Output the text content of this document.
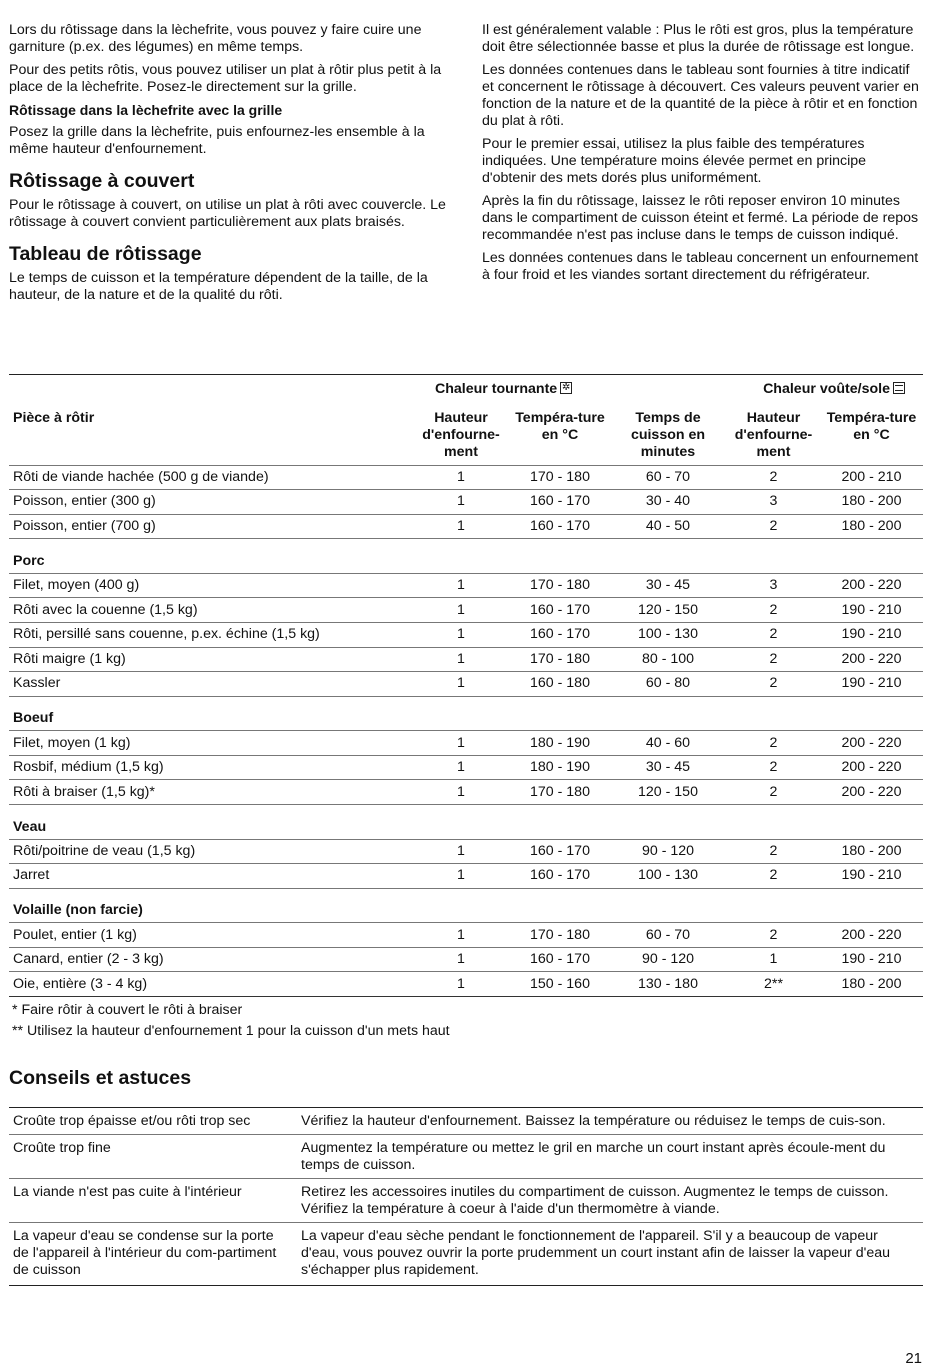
Lors du rôtissage dans la lèchefrite, vous pouvez y faire cuire une garniture (p.ex. des légumes) en même temps.

Pour des petits rôtis, vous pouvez utiliser un plat à rôtir plus petit à la place de la lèchefrite. Posez-le directement sur la grille.

Rôtissage dans la lèchefrite avec la grille

Posez la grille dans la lèchefrite, puis enfournez-les ensemble à la même hauteur d'enfournement.

Rôtissage à couvert

Pour le rôtissage à couvert, on utilise un plat à rôti avec couvercle. Le rôtissage à couvert convient particulièrement aux plats braisés.

Tableau de rôtissage

Le temps de cuisson et la température dépendent de la taille, de la hauteur, de la nature et de la qualité du rôti.

Il est généralement valable : Plus le rôti est gros, plus la température doit être sélectionnée basse et plus la durée de rôtissage est longue.

Les données contenues dans le tableau sont fournies à titre indicatif et concernent le rôtissage à découvert. Ces valeurs peuvent varier en fonction de la nature et de la quantité de la pièce à rôtir et en fonction du plat à rôti.

Pour le premier essai, utilisez la plus faible des températures indiquées. Une température moins élevée permet en principe d'obtenir des mets dorés plus uniformément.

Après la fin du rôtissage, laissez le rôti reposer environ 10 minutes dans le compartiment de cuisson éteint et fermé. La période de repos recommandée n'est pas incluse dans le temps de cuisson indiqué.

Les données contenues dans le tableau concernent un enfournement à four froid et les viandes sortant directement du réfrigérateur.

	Chaleur tournante✲			Chaleur voûte/sole	
Pièce à rôtir	Hauteur d'enfourne-ment	Tempéra-ture en °C	Temps de cuisson en minutes	Hauteur d'enfourne-ment	Tempéra-ture en °C
Rôti de viande hachée (500 g de viande)	1	170 - 180	60 - 70	2	200 - 210
Poisson, entier (300 g)	1	160 - 170	30 - 40	3	180 - 200
Poisson, entier (700 g)	1	160 - 170	40 - 50	2	180 - 200
Porc					
Filet, moyen (400 g)	1	170 - 180	30 - 45	3	200 - 220
Rôti avec la couenne (1,5 kg)	1	160 - 170	120 - 150	2	190 - 210
Rôti, persillé sans couenne, p.ex. échine (1,5 kg)	1	160 - 170	100 - 130	2	190 - 210
Rôti maigre (1 kg)	1	170 - 180	80 - 100	2	200 - 220
Kassler	1	160 - 180	60 - 80	2	190 - 210
Boeuf					
Filet, moyen (1 kg)	1	180 - 190	40 - 60	2	200 - 220
Rosbif, médium (1,5 kg)	1	180 - 190	30 - 45	2	200 - 220
Rôti à braiser (1,5 kg)*	1	170 - 180	120 - 150	2	200 - 220
Veau					
Rôti/poitrine de veau (1,5 kg)	1	160 - 170	90 - 120	2	180 - 200
Jarret	1	160 - 170	100 - 130	2	190 - 210
Volaille (non farcie)					
Poulet, entier (1 kg)	1	170 - 180	60 - 70	2	200 - 220
Canard, entier (2 - 3 kg)	1	160 - 170	90 - 120	1	190 - 210
Oie, entière (3 - 4 kg)	1	150 - 160	130 - 180	2**	180 - 200

* Faire rôtir à couvert le rôti à braiser

** Utilisez la hauteur d'enfournement 1 pour la cuisson d'un mets haut

Conseils et astuces
Croûte trop épaisse et/ou rôti trop sec	Vérifiez la hauteur d'enfournement. Baissez la température ou réduisez le temps de cuis-son.
Croûte trop fine	Augmentez la température ou mettez le gril en marche un court instant après écoule-ment du temps de cuisson.
La viande n'est pas cuite à l'intérieur	Retirez les accessoires inutiles du compartiment de cuisson. Augmentez le temps de cuisson. Vérifiez la température à coeur à l'aide d'un thermomètre à viande.
La vapeur d'eau se condense sur la porte de l'appareil à l'intérieur du com-partiment de cuisson	La vapeur d'eau sèche pendant le fonctionnement de l'appareil. S'il y a beaucoup de vapeur d'eau, vous pouvez ouvrir la porte prudemment un court instant afin de laisser la vapeur d'eau s'échapper plus rapidement.
21
